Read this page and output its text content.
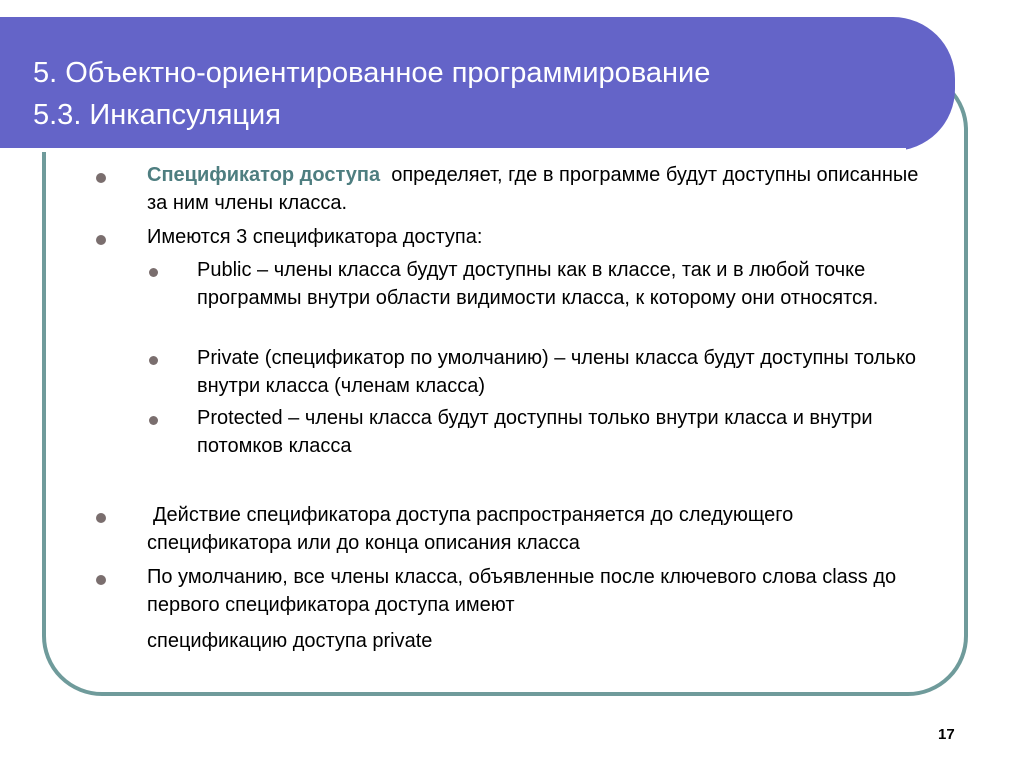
5. Объектно-ориентированное программирование
5.3. Инкапсуляция
Спецификатор доступа определяет, где в программе будут доступны описанные за ним члены класса.
Имеются 3 спецификатора доступа:
Public – члены класса будут доступны как в классе, так и в любой точке программы внутри области видимости класса, к которому они относятся.
Private (спецификатор по умолчанию) – члены класса будут доступны только внутри класса (членам класса)
Protected – члены класса будут доступны только внутри класса и внутри потомков класса
Действие спецификатора доступа распространяется до следующего спецификатора или до конца описания класса
По умолчанию, все члены класса, объявленные после ключевого слова class до первого спецификатора доступа имеют
спецификацию доступа private
17
